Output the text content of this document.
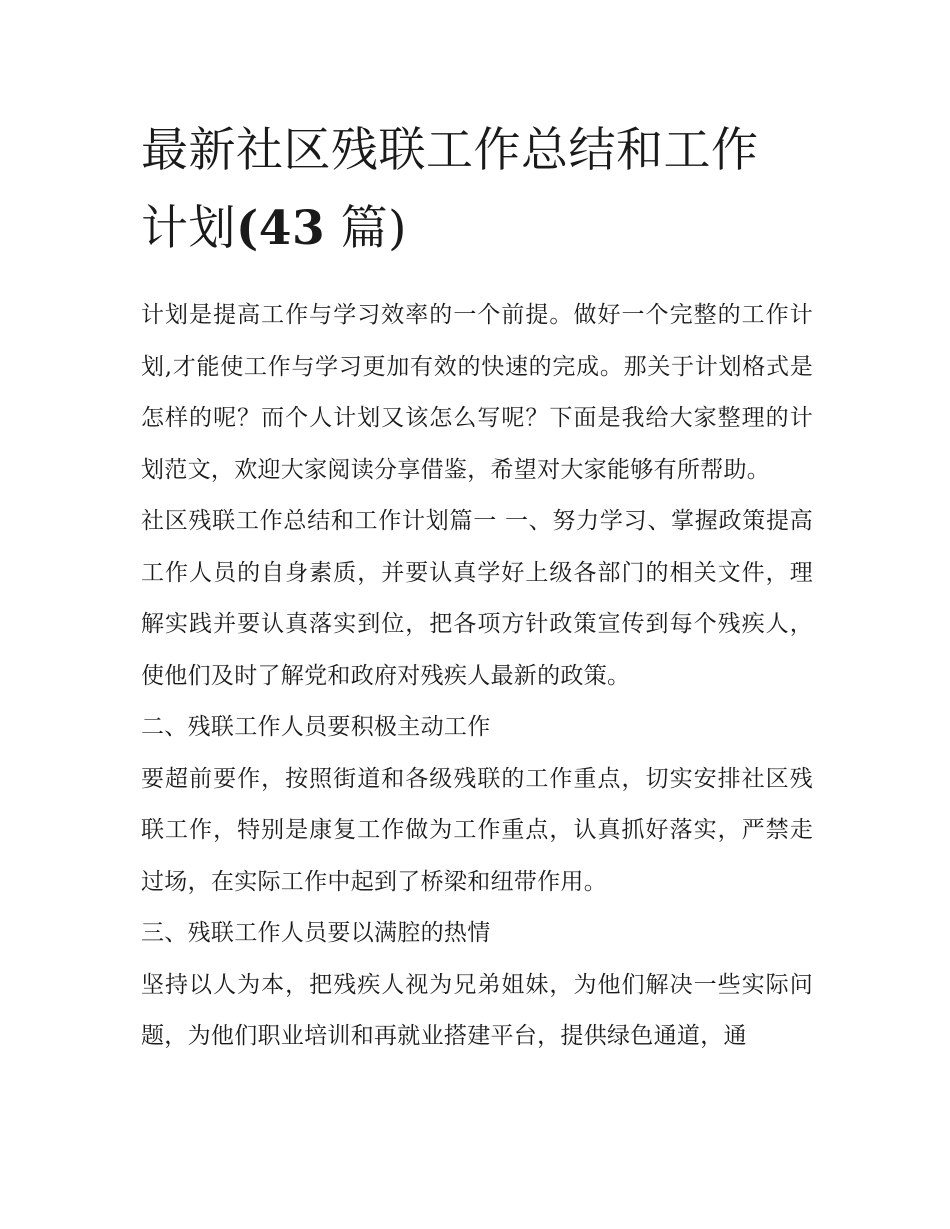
最新社区残联工作总结和工作
计划(43 篇)

计划是提高工作与学习效率的一个前提。做好一个完整的工作计划,才能使工作与学习更加有效的快速的完成。那关于计划格式是怎样的呢？而个人计划又该怎么写呢？下面是我给大家整理的计划范文，欢迎大家阅读分享借鉴，希望对大家能够有所帮助。

社区残联工作总结和工作计划篇一 一、努力学习、掌握政策提高工作人员的自身素质，并要认真学好上级各部门的相关文件，理解实践并要认真落实到位，把各项方针政策宣传到每个残疾人，使他们及时了解党和政府对残疾人最新的政策。

二、残联工作人员要积极主动工作

要超前要作，按照街道和各级残联的工作重点，切实安排社区残联工作，特别是康复工作做为工作重点，认真抓好落实，严禁走过场，在实际工作中起到了桥梁和纽带作用。

三、残联工作人员要以满腔的热情

坚持以人为本，把残疾人视为兄弟姐妹，为他们解决一些实际问题，为他们职业培训和再就业搭建平台，提供绿色通道，通
